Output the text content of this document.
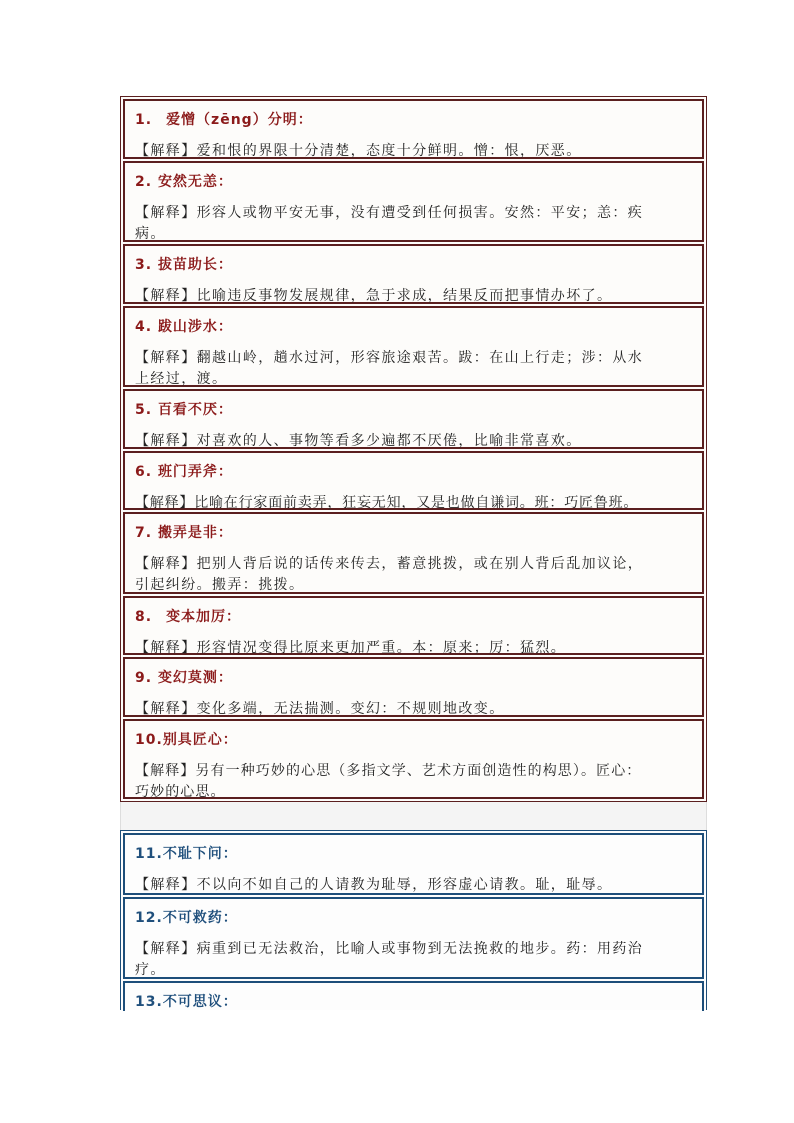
1. 爱憎（zēng）分明：
【解释】爱和恨的界限十分清楚，态度十分鲜明。憎：恨，厌恶。
2. 安然无恙：
【解释】形容人或物平安无事，没有遭受到任何损害。安然：平安；恙：疾
病。
3. 拔苗助长：
【解释】比喻违反事物发展规律，急于求成，结果反而把事情办坏了。
4. 跋山涉水：
【解释】翻越山岭，趟水过河，形容旅途艰苦。跋：在山上行走；涉：从水
上经过，渡。
5. 百看不厌：
【解释】对喜欢的人、事物等看多少遍都不厌倦，比喻非常喜欢。
6. 班门弄斧：
【解释】比喻在行家面前卖弄，狂妄无知，又是也做自谦词。班：巧匠鲁班。
7. 搬弄是非：
【解释】把别人背后说的话传来传去，蓄意挑拨，或在别人背后乱加议论，
引起纠纷。搬弄：挑拨。
8. 变本加厉：
【解释】形容情况变得比原来更加严重。本：原来；厉：猛烈。
9. 变幻莫测：
【解释】变化多端，无法揣测。变幻：不规则地改变。
10.别具匠心：
【解释】另有一种巧妙的心思（多指文学、艺术方面创造性的构思）。匠心：
巧妙的心思。
11.不耻下问：
【解释】不以向不如自己的人请教为耻辱，形容虚心请教。耻，耻辱。
12.不可救药：
【解释】病重到已无法救治，比喻人或事物到无法挽救的地步。药：用药治
疗。
13.不可思议：
